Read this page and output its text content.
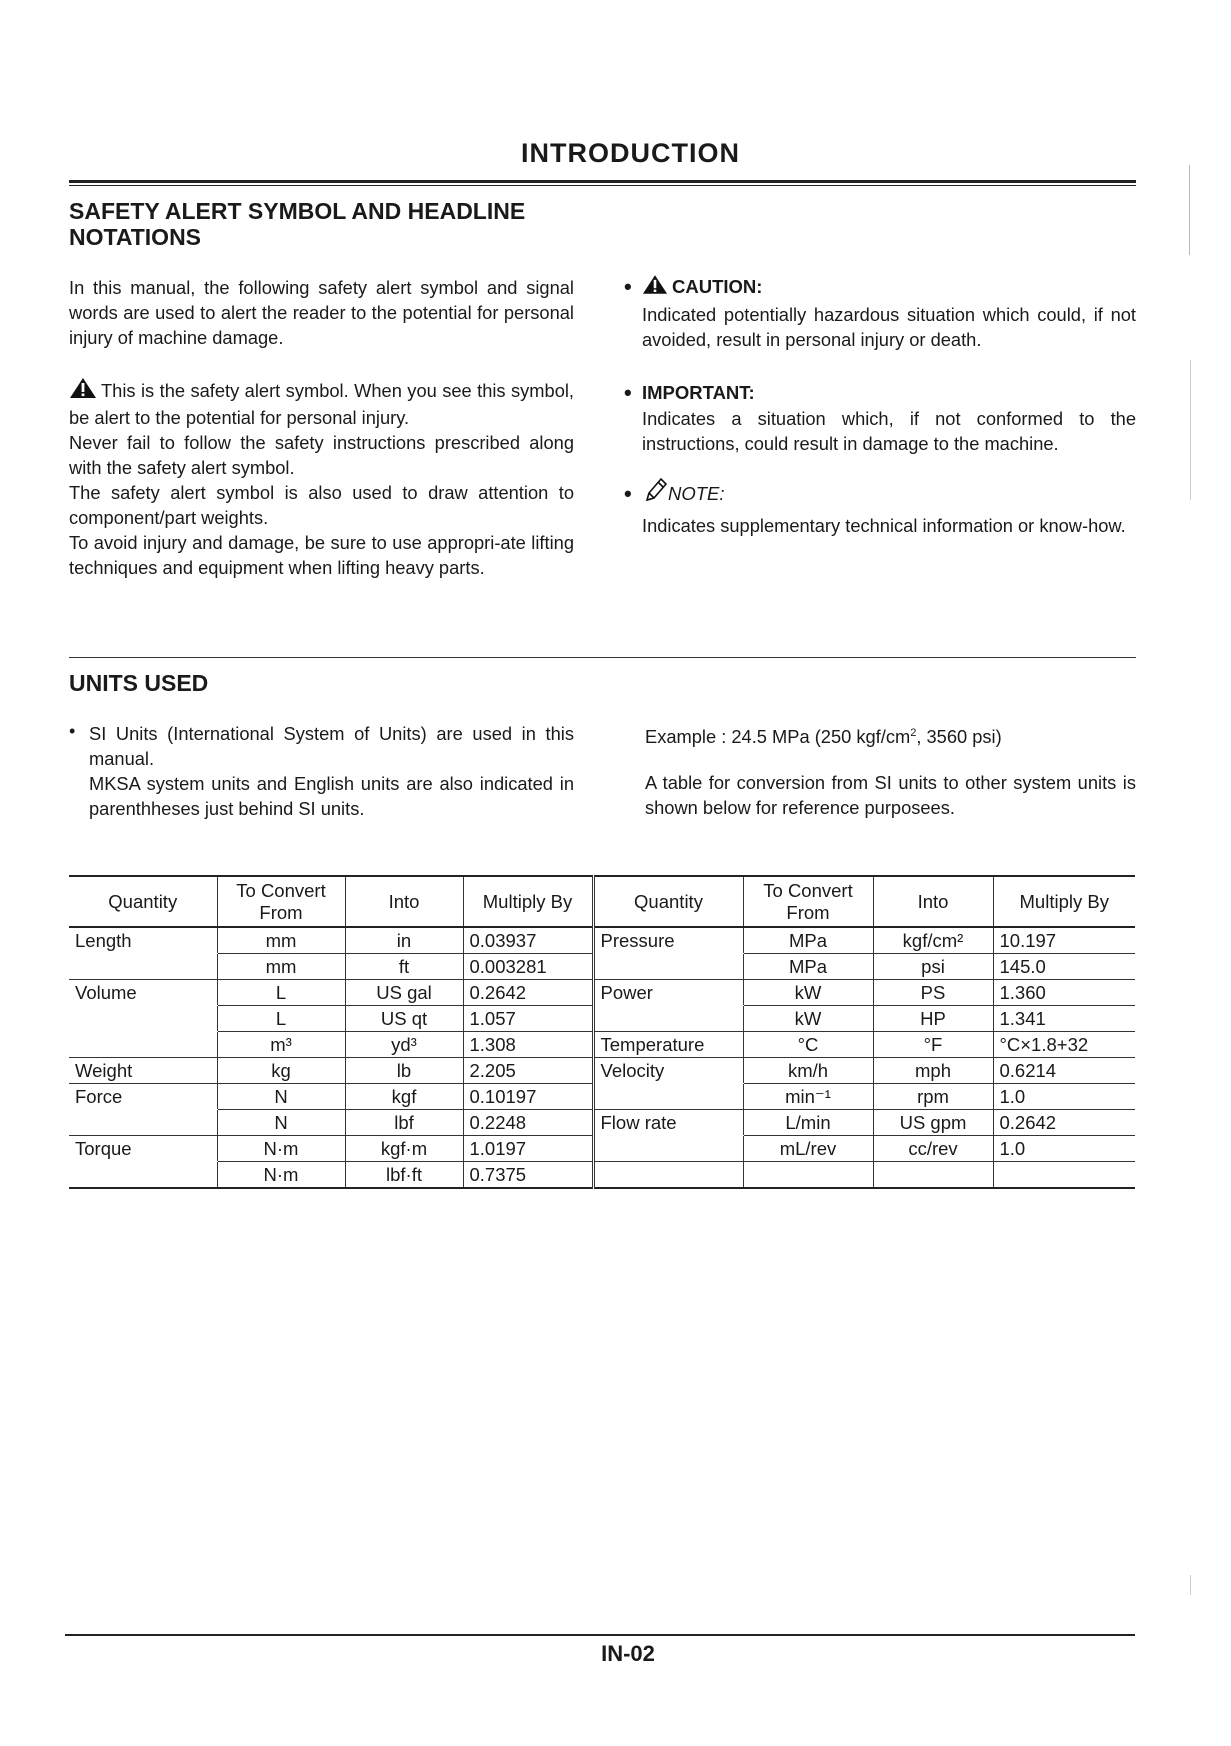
INTRODUCTION
SAFETY ALERT SYMBOL AND HEADLINE
NOTATIONS
In this manual, the following safety alert symbol and signal words are used to alert the reader to the potential for personal injury of machine damage.

This is the safety alert symbol. When you see this symbol, be alert to the potential for personal injury.

Never fail to follow the safety instructions prescribed along with the safety alert symbol.

The safety alert symbol is also used to draw attention to component/part weights.

To avoid injury and damage, be sure to use appropri-ate lifting techniques and equipment when lifting heavy parts.

• CAUTION:
Indicated potentially hazardous situation which could, if not avoided, result in personal injury or death.
• IMPORTANT:
Indicates a situation which, if not conformed to the instructions, could result in damage to the machine.
• NOTE:
Indicates supplementary technical information or know-how.
UNITS USED
• SI Units (International System of Units) are used in this manual.

MKSA system units and English units are also indicated in parenthheses just behind SI units.

Example : 24.5 MPa (250 kgf/$cm^2$, 3560 psi)
A table for conversion from SI units to other system units is shown below for reference purposees.
Quantity	To Convert From	Into	Multiply By	Quantity	To Convert From	Into	Multiply By
Length	mm	in	0.03937	Pressure	MPa	kgf/cm²	10.197
	mm	ft	0.003281		MPa	psi	145.0
Volume	L	US gal	0.2642	Power	kW	PS	1.360
	L	US qt	1.057		kW	HP	1.341
	m³	yd³	1.308	Temperature	°C	°F	°C×1.8+32
Weight	kg	lb	2.205	Velocity	km/h	mph	0.6214
Force	N	kgf	0.10197		min⁻¹	rpm	1.0
	N	lbf	0.2248	Flow rate	L/min	US gpm	0.2642
Torque	N·m	kgf·m	1.0197		mL/rev	cc/rev	1.0
	N·m	lbf·ft	0.7375				
IN-02
